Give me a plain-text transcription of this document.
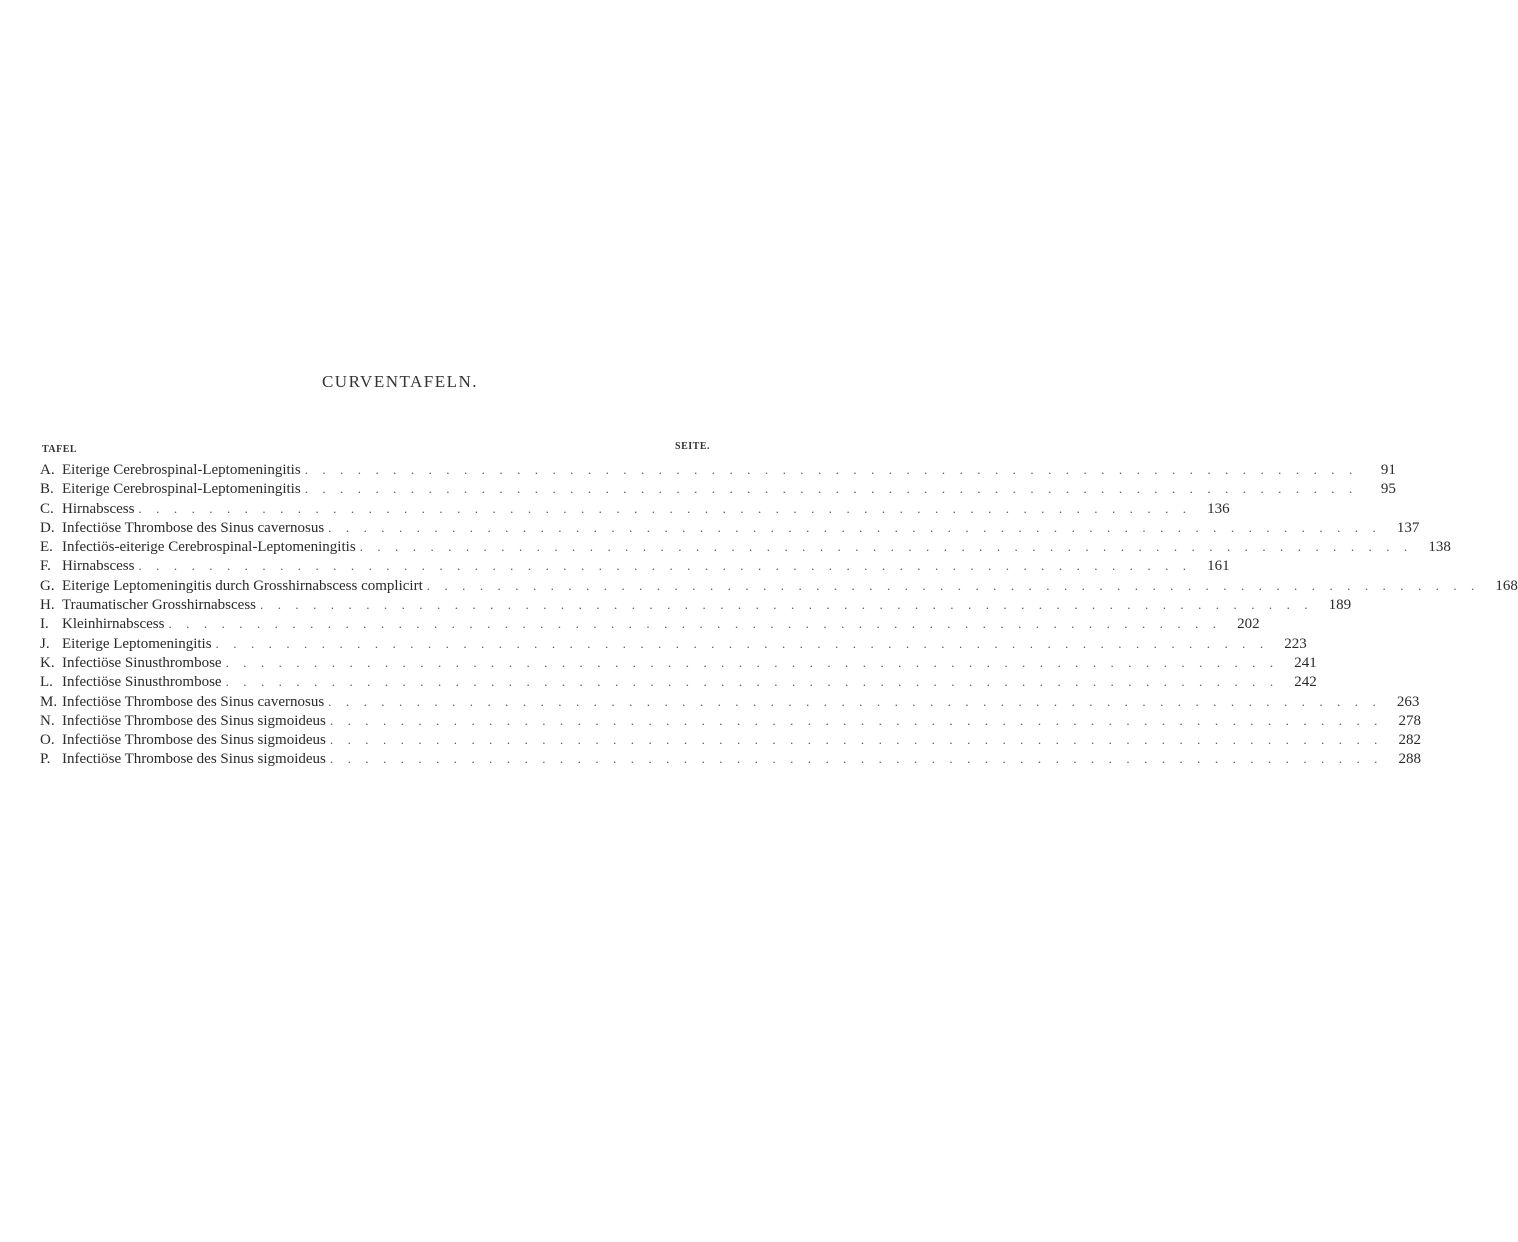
CURVENTAFELN.
TAFEL	SEITE.
A. Eiterige Cerebrospinal-Leptomeningitis . . . . . . . . . . . . . . . . . . . . . . . . . . . . . . . . . . . . . . . . . . . . . . . . . . . . . . . . . . . .	91
B. Eiterige Cerebrospinal-Leptomeningitis . . . . . . . . . . . . . . . . . . . . . . . . . . . . . . . . . . . . . . . . . . . . . . . . . . . . . . . . . . . .	95
C. Hirnabscess . . . . . . . . . . . . . . . . . . . . . . . . . . . . . . . . . . . . . . . . . . . . . . . . . . . . . . . . . . . .	136
D. Infectiöse Thrombose des Sinus cavernosus . . . . . . . . . . . . . . . . . . . . . . . . . . . . . . . . . . . . . . . . . . . . . . . . . . . . . . . . . . . .	137
E. Infectiös-eiterige Cerebrospinal-Leptomeningitis . . . . . . . . . . . . . . . . . . . . . . . . . . . . . . . . . . . . . . . . . . . . . . . . . . . . . . . . . . . .	138
F. Hirnabscess . . . . . . . . . . . . . . . . . . . . . . . . . . . . . . . . . . . . . . . . . . . . . . . . . . . . . . . . . . . .	161
G. Eiterige Leptomeningitis durch Grosshirnabscess complicirt . . . . . . . . . . . . . . . . . . . . . . . . . . . . . . . . . . . . . . . . . . . . . . . . . . . . . . . . . . . .	168
H. Traumatischer Grosshirnabscess . . . . . . . . . . . . . . . . . . . . . . . . . . . . . . . . . . . . . . . . . . . . . . . . . . . . . . . . . . . .	189
I. Kleinhirnabscess . . . . . . . . . . . . . . . . . . . . . . . . . . . . . . . . . . . . . . . . . . . . . . . . . . . . . . . . . . . .	202
J. Eiterige Leptomeningitis . . . . . . . . . . . . . . . . . . . . . . . . . . . . . . . . . . . . . . . . . . . . . . . . . . . . . . . . . . . .	223
K. Infectiöse Sinusthrombose . . . . . . . . . . . . . . . . . . . . . . . . . . . . . . . . . . . . . . . . . . . . . . . . . . . . . . . . . . . .	241
L. Infectiöse Sinusthrombose . . . . . . . . . . . . . . . . . . . . . . . . . . . . . . . . . . . . . . . . . . . . . . . . . . . . . . . . . . . .	242
M. Infectiöse Thrombose des Sinus cavernosus . . . . . . . . . . . . . . . . . . . . . . . . . . . . . . . . . . . . . . . . . . . . . . . . . . . . . . . . . . . .	263
N. Infectiöse Thrombose des Sinus sigmoideus . . . . . . . . . . . . . . . . . . . . . . . . . . . . . . . . . . . . . . . . . . . . . . . . . . . . . . . . . . . .	278
O. Infectiöse Thrombose des Sinus sigmoideus . . . . . . . . . . . . . . . . . . . . . . . . . . . . . . . . . . . . . . . . . . . . . . . . . . . . . . . . . . . .	282
P. Infectiöse Thrombose des Sinus sigmoideus . . . . . . . . . . . . . . . . . . . . . . . . . . . . . . . . . . . . . . . . . . . . . . . . . . . . . . . . . . . .	288
